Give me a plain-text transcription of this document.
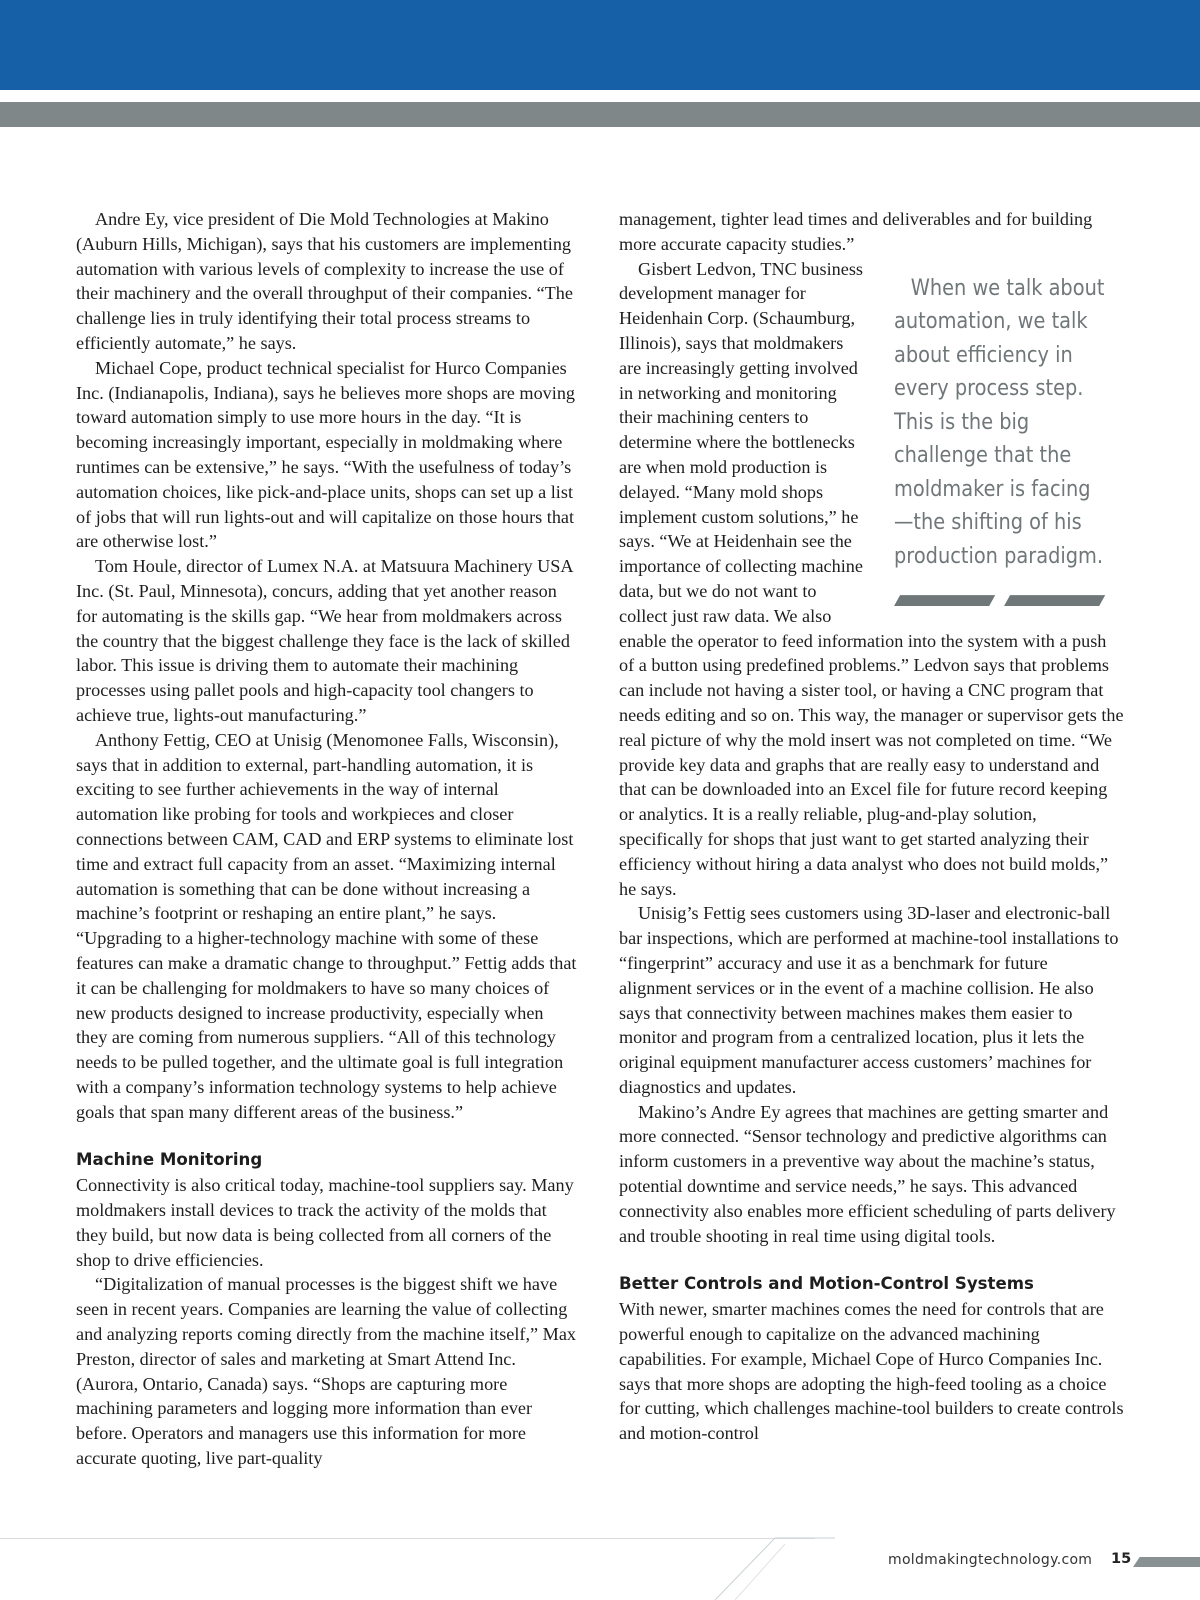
Andre Ey, vice president of Die Mold Technologies at Makino (Auburn Hills, Michigan), says that his customers are implementing automation with various levels of complexity to increase the use of their machinery and the overall throughput of their companies. “The challenge lies in truly identifying their total process streams to efficiently automate,” he says.

Michael Cope, product technical specialist for Hurco Companies Inc. (Indianapolis, Indiana), says he believes more shops are moving toward automation simply to use more hours in the day. “It is becoming increasingly important, especially in moldmaking where runtimes can be extensive,” he says. “With the usefulness of today’s automation choices, like pick-and-place units, shops can set up a list of jobs that will run lights-out and will capitalize on those hours that are otherwise lost.”

Tom Houle, director of Lumex N.A. at Matsuura Machinery USA Inc. (St. Paul, Minnesota), concurs, adding that yet another reason for automating is the skills gap. “We hear from moldmakers across the country that the biggest challenge they face is the lack of skilled labor. This issue is driving them to automate their machining processes using pallet pools and high-capacity tool changers to achieve true, lights-out manufacturing.”

Anthony Fettig, CEO at Unisig (Menomonee Falls, Wisconsin), says that in addition to external, part-handling automation, it is exciting to see further achievements in the way of internal automation like probing for tools and workpieces and closer connections between CAM, CAD and ERP systems to eliminate lost time and extract full capacity from an asset. “Maximizing internal automation is something that can be done without increasing a machine’s footprint or reshaping an entire plant,” he says. “Upgrading to a higher-technology machine with some of these features can make a dramatic change to throughput.” Fettig adds that it can be challenging for moldmakers to have so many choices of new products designed to increase productivity, especially when they are coming from numerous suppliers. “All of this technology needs to be pulled together, and the ultimate goal is full integration with a company’s information technology systems to help achieve goals that span many different areas of the business.”

Machine Monitoring

Connectivity is also critical today, machine-tool suppliers say. Many moldmakers install devices to track the activity of the molds that they build, but now data is being collected from all corners of the shop to drive efficiencies.

“Digitalization of manual processes is the biggest shift we have seen in recent years. Companies are learning the value of collecting and analyzing reports coming directly from the machine itself,” Max Preston, director of sales and marketing at Smart Attend Inc. (Aurora, Ontario, Canada) says. “Shops are capturing more machining parameters and logging more information than ever before. Operators and managers use this information for more accurate quoting, live part-quality

management, tighter lead times and deliverables and for building more accurate capacity studies.”

When we talk about automation, we talk about efficiency in every process step. This is the big challenge that the moldmaker is facing—the shifting of his production paradigm.
Gisbert Ledvon, TNC business development manager for Heidenhain Corp. (Schaumburg, Illinois), says that moldmakers are increasingly getting involved in networking and monitoring their machining centers to determine where the bottlenecks are when mold production is delayed. “Many mold shops implement custom solutions,” he says. “We at Heidenhain see the importance of collecting machine data, but we do not want to collect just raw data. We also enable the operator to feed information into the system with a push of a button using predefined problems.” Ledvon says that problems can include not having a sister tool, or having a CNC program that needs editing and so on. This way, the manager or supervisor gets the real picture of why the mold insert was not completed on time. “We provide key data and graphs that are really easy to understand and that can be downloaded into an Excel file for future record keeping or analytics. It is a really reliable, plug-and-play solution, specifically for shops that just want to get started analyzing their efficiency without hiring a data analyst who does not build molds,” he says.

Unisig’s Fettig sees customers using 3D-laser and electronic-ball bar inspections, which are performed at machine-tool installations to “fingerprint” accuracy and use it as a benchmark for future alignment services or in the event of a machine collision. He also says that connectivity between machines makes them easier to monitor and program from a centralized location, plus it lets the original equipment manufacturer access customers’ machines for diagnostics and updates.

Makino’s Andre Ey agrees that machines are getting smarter and more connected. “Sensor technology and predictive algorithms can inform customers in a preventive way about the machine’s status, potential downtime and service needs,” he says. This advanced connectivity also enables more efficient scheduling of parts delivery and trouble shooting in real time using digital tools.

Better Controls and Motion-Control Systems

With newer, smarter machines comes the need for controls that are powerful enough to capitalize on the advanced machining capabilities. For example, Michael Cope of Hurco Companies Inc. says that more shops are adopting the high-feed tooling as a choice for cutting, which challenges machine-tool builders to create controls and motion-control

moldmakingtechnology.com 15
